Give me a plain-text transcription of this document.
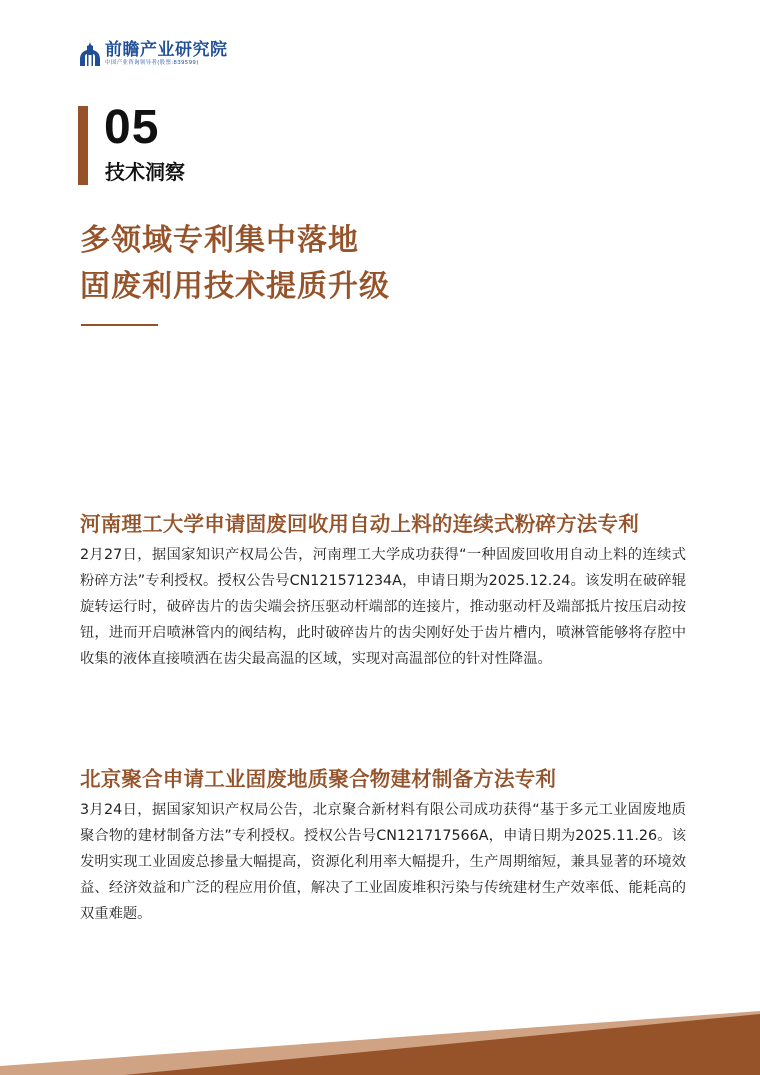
前瞻产业研究院
中国产业咨询领导者(股票:839599)
05
技术洞察
多领域专利集中落地
固废利用技术提质升级
河南理工大学申请固废回收用自动上料的连续式粉碎方法专利

2月27日，据国家知识产权局公告，河南理工大学成功获得“一种固废回收用自动上料的连续式粉碎方法”专利授权。授权公告号CN121571234A，申请日期为2025.12.24。该发明在破碎辊旋转运行时，破碎齿片的齿尖端会挤压驱动杆端部的连接片，推动驱动杆及端部抵片按压启动按钮，进而开启喷淋管内的阀结构，此时破碎齿片的齿尖刚好处于齿片槽内，喷淋管能够将存腔中收集的液体直接喷洒在齿尖最高温的区域，实现对高温部位的针对性降温。

北京聚合申请工业固废地质聚合物建材制备方法专利

3月24日，据国家知识产权局公告，北京聚合新材料有限公司成功获得“基于多元工业固废地质聚合物的建材制备方法”专利授权。授权公告号CN121717566A，申请日期为2025.11.26。该发明实现工业固废总掺量大幅提高，资源化利用率大幅提升，生产周期缩短，兼具显著的环境效益、经济效益和广泛的程应用价值，解决了工业固废堆积污染与传统建材生产效率低、能耗高的双重难题。
